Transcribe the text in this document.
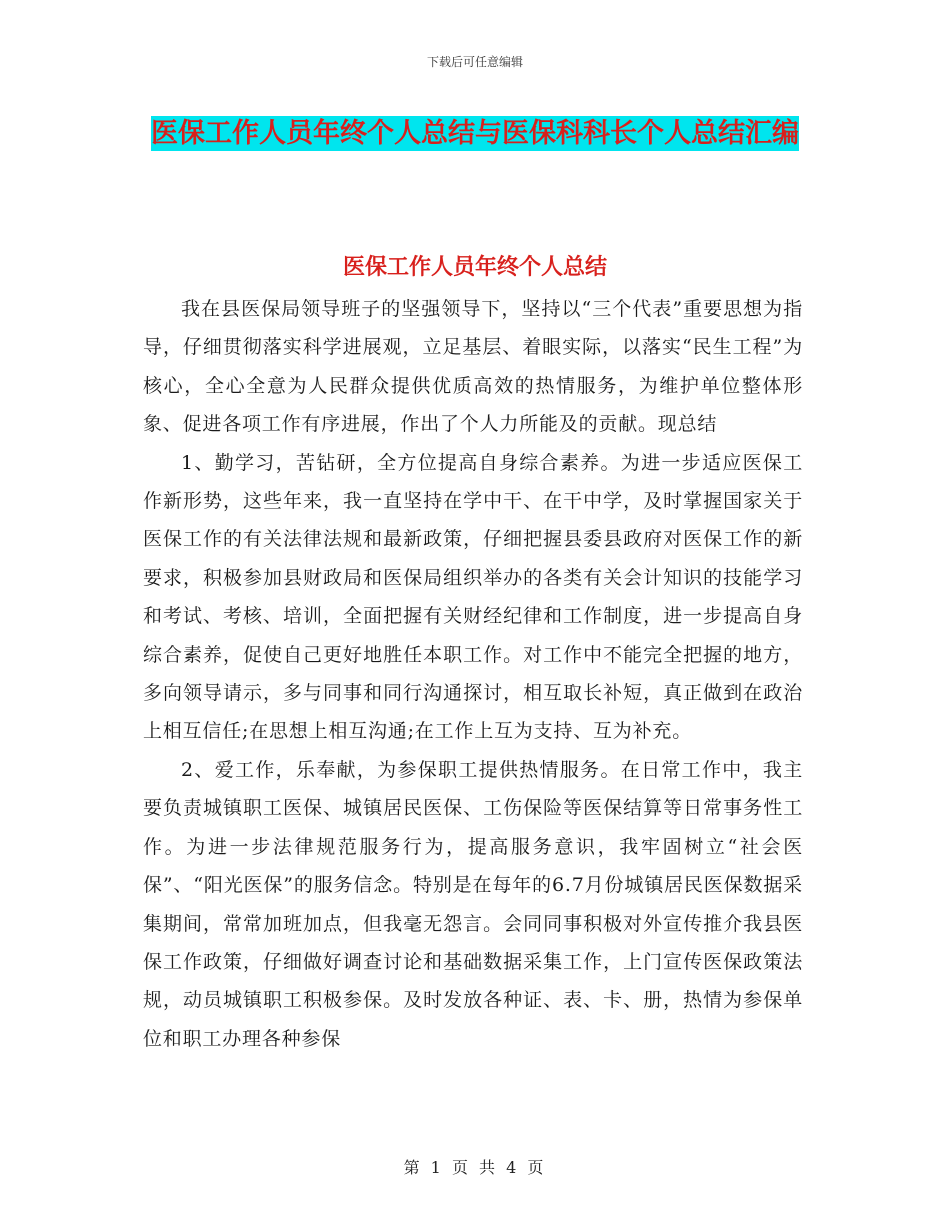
下载后可任意编辑
医保工作人员年终个人总结与医保科科长个人总结汇编
医保工作人员年终个人总结

我在县医保局领导班子的坚强领导下，坚持以“三个代表”重要思想为指导，仔细贯彻落实科学进展观，立足基层、着眼实际，以落实“民生工程”为核心，全心全意为人民群众提供优质高效的热情服务，为维护单位整体形象、促进各项工作有序进展，作出了个人力所能及的贡献。现总结

1、勤学习，苦钻研，全方位提高自身综合素养。为进一步适应医保工作新形势，这些年来，我一直坚持在学中干、在干中学，及时掌握国家关于医保工作的有关法律法规和最新政策，仔细把握县委县政府对医保工作的新要求，积极参加县财政局和医保局组织举办的各类有关会计知识的技能学习和考试、考核、培训，全面把握有关财经纪律和工作制度，进一步提高自身综合素养，促使自己更好地胜任本职工作。对工作中不能完全把握的地方，多向领导请示，多与同事和同行沟通探讨，相互取长补短，真正做到在政治上相互信任;在思想上相互沟通;在工作上互为支持、互为补充。

2、爱工作，乐奉献，为参保职工提供热情服务。在日常工作中，我主要负责城镇职工医保、城镇居民医保、工伤保险等医保结算等日常事务性工作。为进一步法律规范服务行为，提高服务意识，我牢固树立“社会医保”、“阳光医保”的服务信念。特别是在每年的6.7月份城镇居民医保数据采集期间，常常加班加点，但我毫无怨言。会同同事积极对外宣传推介我县医保工作政策，仔细做好调查讨论和基础数据采集工作，上门宣传医保政策法规，动员城镇职工积极参保。及时发放各种证、表、卡、册，热情为参保单位和职工办理各种参保

第 1 页 共 4 页
